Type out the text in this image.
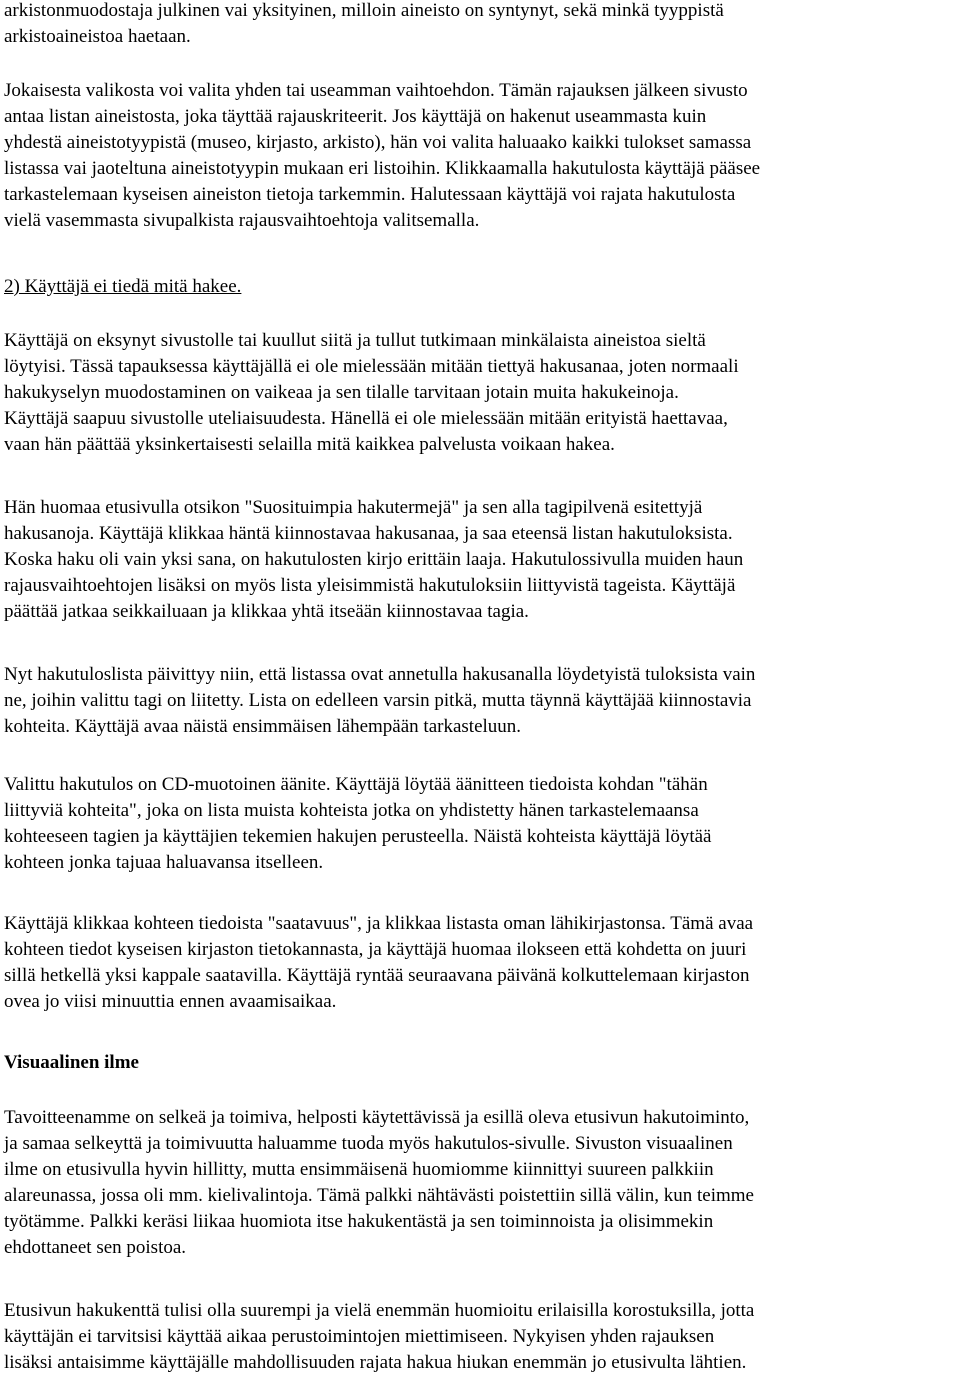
arkistonmuodostaja julkinen vai yksityinen, milloin aineisto on syntynyt, sekä minkä tyyppistä
arkistoaineistoa haetaan.
Jokaisesta valikosta voi valita yhden tai useamman vaihtoehdon. Tämän rajauksen jälkeen sivusto
antaa listan aineistosta, joka täyttää rajauskriteerit. Jos käyttäjä on hakenut useammasta kuin
yhdestä aineistotyypistä (museo, kirjasto, arkisto), hän voi valita haluaako kaikki tulokset samassa
listassa vai jaoteltuna aineistotyypin mukaan eri listoihin. Klikkaamalla hakutulosta käyttäjä pääsee
tarkastelemaan kyseisen aineiston tietoja tarkemmin. Halutessaan käyttäjä voi rajata hakutulosta
vielä vasemmasta sivupalkista rajausvaihtoehtoja valitsemalla.
2) Käyttäjä ei tiedä mitä hakee.
Käyttäjä on eksynyt sivustolle tai kuullut siitä ja tullut tutkimaan minkälaista aineistoa sieltä
löytyisi. Tässä tapauksessa käyttäjällä ei ole mielessään mitään tiettyä hakusanaa, joten normaali
hakukyselyn muodostaminen on vaikeaa ja sen tilalle tarvitaan jotain muita hakukeinoja.
Käyttäjä saapuu sivustolle uteliaisuudesta. Hänellä ei ole mielessään mitään erityistä haettavaa,
vaan hän päättää yksinkertaisesti selailla mitä kaikkea palvelusta voikaan hakea.
Hän huomaa etusivulla otsikon "Suosituimpia hakutermejä" ja sen alla tagipilvenä esitettyjä
hakusanoja. Käyttäjä klikkaa häntä kiinnostavaa hakusanaa, ja saa eteensä listan hakutuloksista.
Koska haku oli vain yksi sana, on hakutulosten kirjo erittäin laaja. Hakutulossivulla muiden haun
rajausvaihtoehtojen lisäksi on myös lista yleisimmistä hakutuloksiin liittyvistä tageista. Käyttäjä
päättää jatkaa seikkailuaan ja klikkaa yhtä itseään kiinnostavaa tagia.
Nyt hakutuloslista päivittyy niin, että listassa ovat annetulla hakusanalla löydetyistä tuloksista vain
ne, joihin valittu tagi on liitetty. Lista on edelleen varsin pitkä, mutta täynnä käyttäjää kiinnostavia
kohteita. Käyttäjä avaa näistä ensimmäisen lähempään tarkasteluun.
Valittu hakutulos on CD-muotoinen äänite. Käyttäjä löytää äänitteen tiedoista kohdan "tähän
liittyviä kohteita", joka on lista muista kohteista jotka on yhdistetty hänen tarkastelemaansa
kohteeseen tagien ja käyttäjien tekemien hakujen perusteella. Näistä kohteista käyttäjä löytää
kohteen jonka tajuaa haluavansa itselleen.
Käyttäjä klikkaa kohteen tiedoista "saatavuus", ja klikkaa listasta oman lähikirjastonsa. Tämä avaa
kohteen tiedot kyseisen kirjaston tietokannasta, ja käyttäjä huomaa ilokseen että kohdetta on juuri
sillä hetkellä yksi kappale saatavilla. Käyttäjä ryntää seuraavana päivänä kolkuttelemaan kirjaston
ovea jo viisi minuuttia ennen avaamisaikaa.
Visuaalinen ilme
Tavoitteenamme on selkeä ja toimiva, helposti käytettävissä ja esillä oleva etusivun hakutoiminto,
ja samaa selkeyttä ja toimivuutta haluamme tuoda myös hakutulos-sivulle. Sivuston visuaalinen
ilme on etusivulla hyvin hillitty, mutta ensimmäisenä huomiomme kiinnittyi suureen palkkiin
alareunassa, jossa oli mm. kielivalintoja. Tämä palkki nähtävästi poistettiin sillä välin, kun teimme
työtämme. Palkki keräsi liikaa huomiota itse hakukentästä ja sen toiminnoista ja olisimmekin
ehdottaneet sen poistoa.
Etusivun hakukenttä tulisi olla suurempi ja vielä enemmän huomioitu erilaisilla korostuksilla, jotta
käyttäjän ei tarvitsisi käyttää aikaa perustoimintojen miettimiseen. Nykyisen yhden rajauksen
lisäksi antaisimme käyttäjälle mahdollisuuden rajata hakua hiukan enemmän jo etusivulta lähtien.
